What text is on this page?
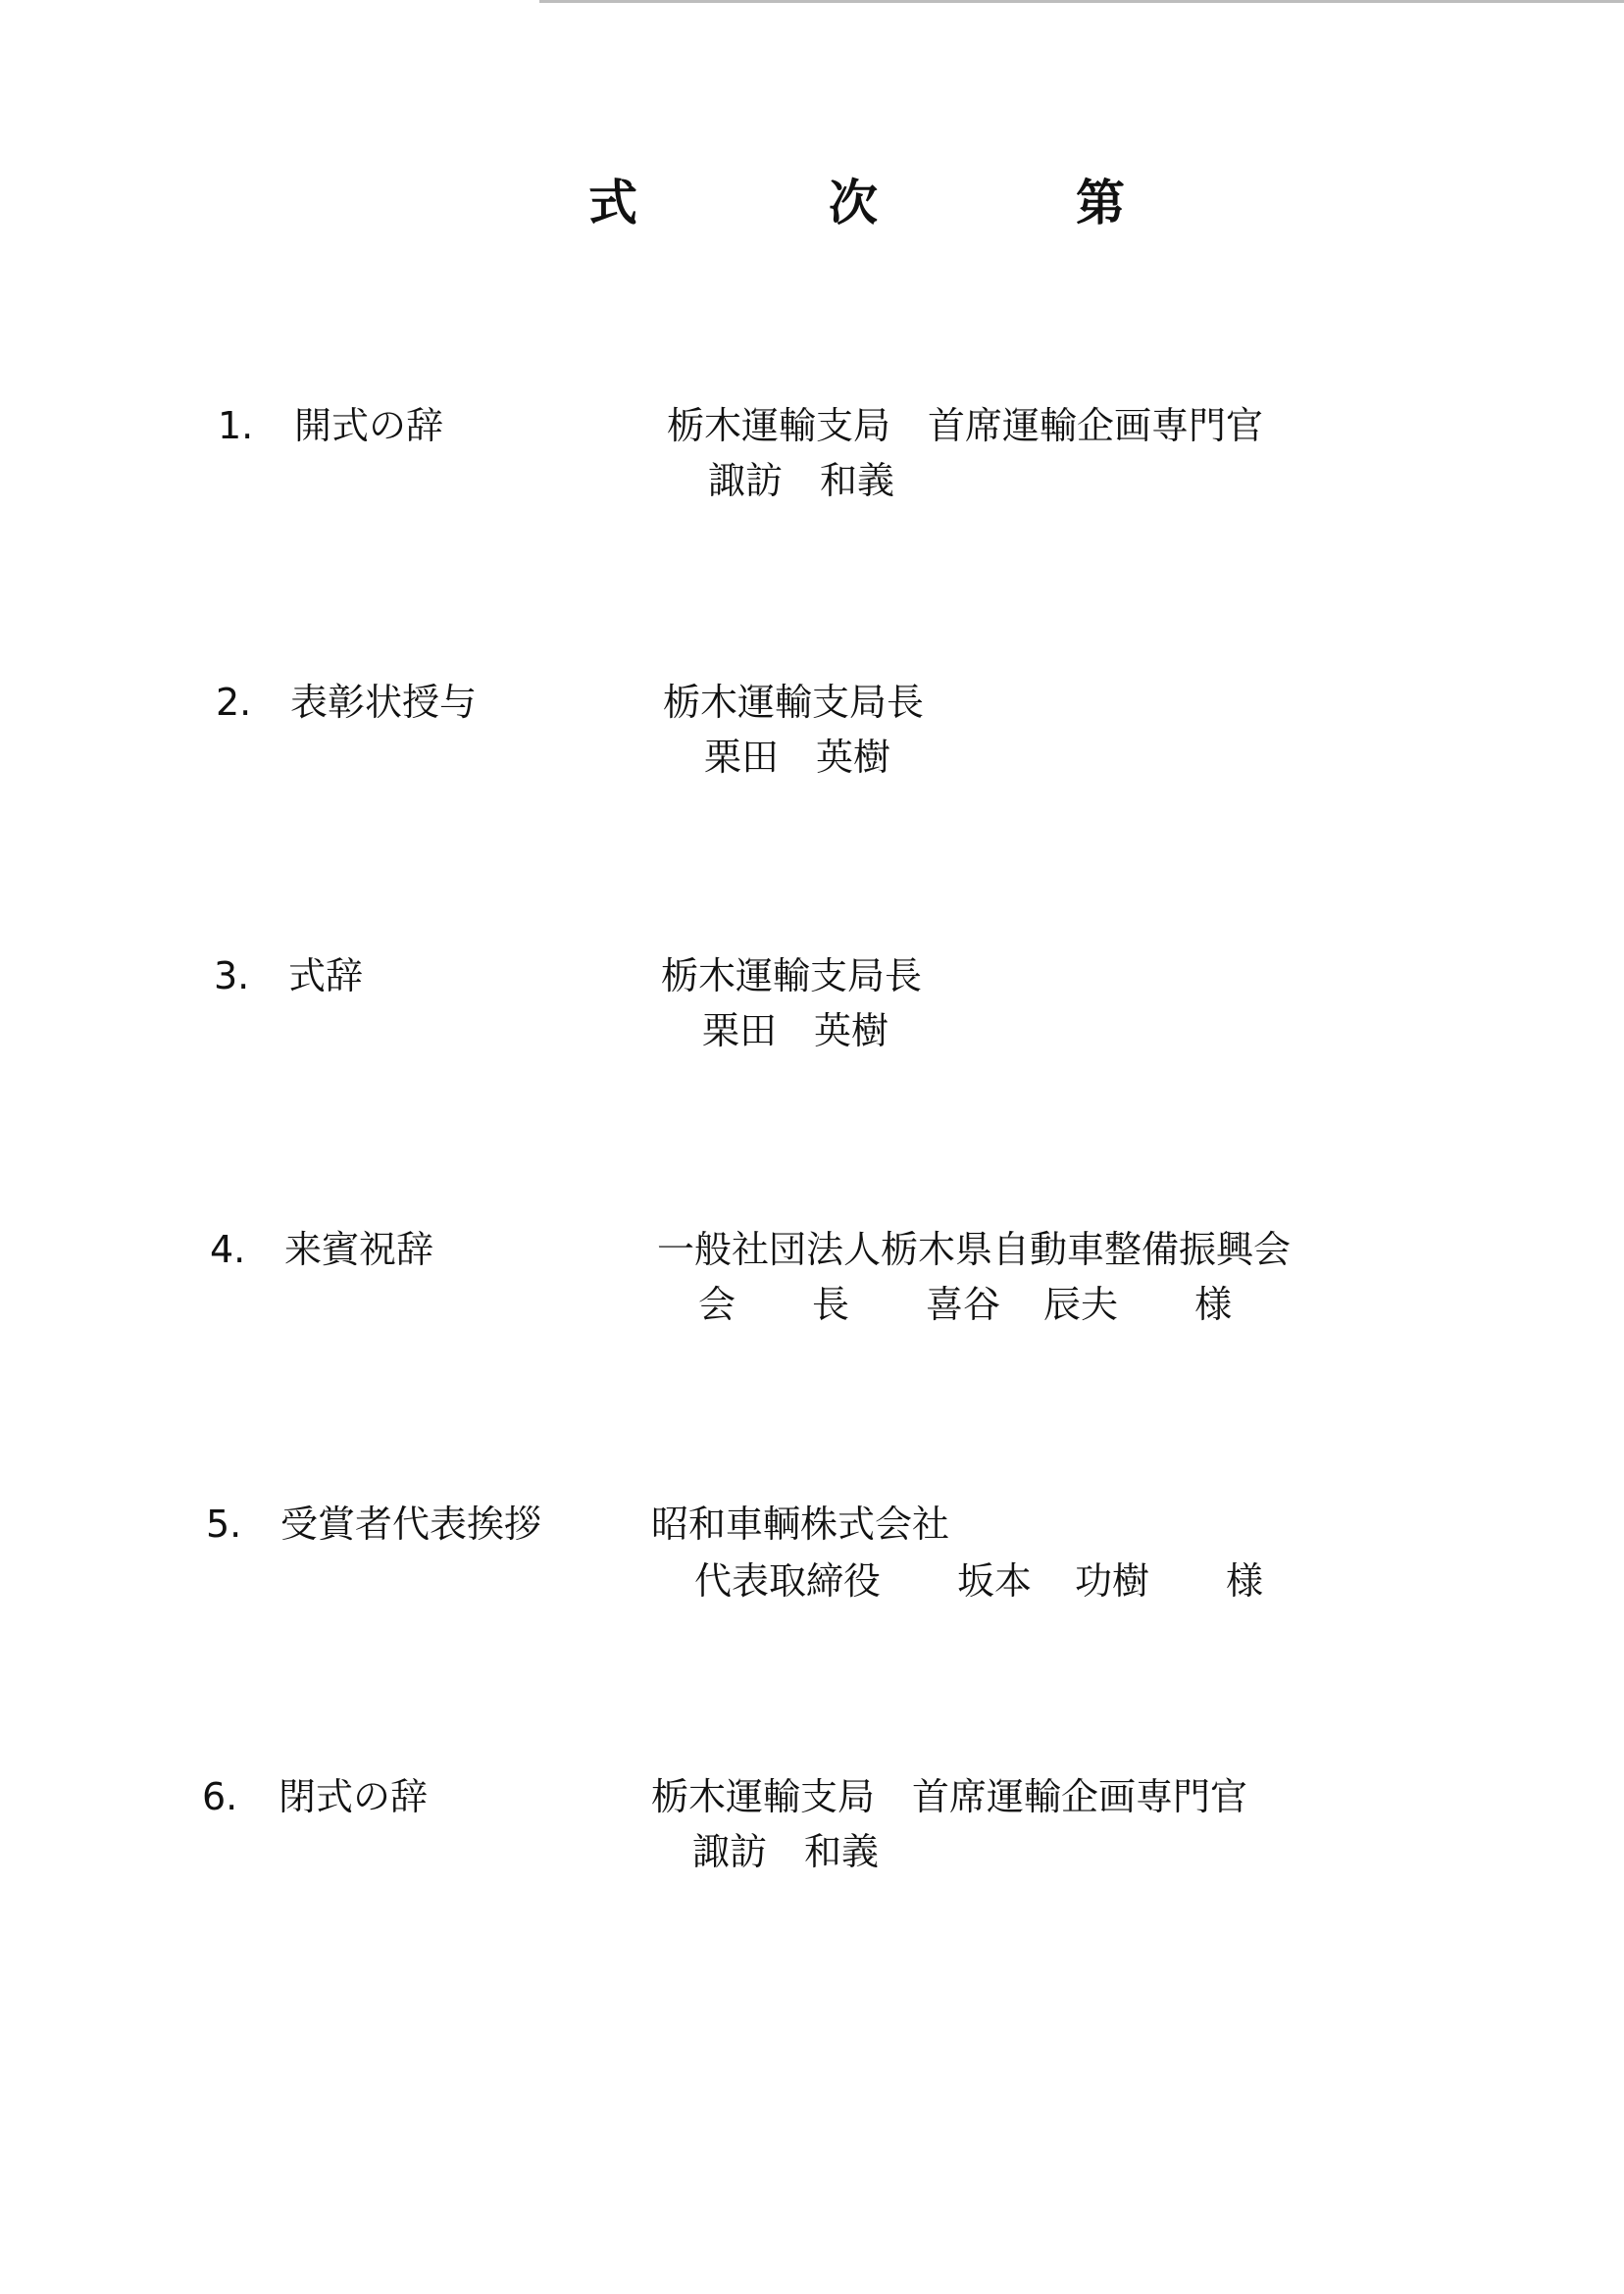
式	次	第
1.	開式の辞	栃木運輸支局　首席運輸企画専門官
諏訪　和義
2.	表彰状授与	栃木運輸支局長
栗田　英樹
3.	式辞	栃木運輸支局長
栗田　英樹
4.	来賓祝辞	一般社団法人栃木県自動車整備振興会
会 長 喜谷 辰夫 様
5.	受賞者代表挨拶	昭和車輌株式会社
代表取締役 坂本 功樹 様
6.	閉式の辞	栃木運輸支局　首席運輸企画専門官
諏訪　和義
